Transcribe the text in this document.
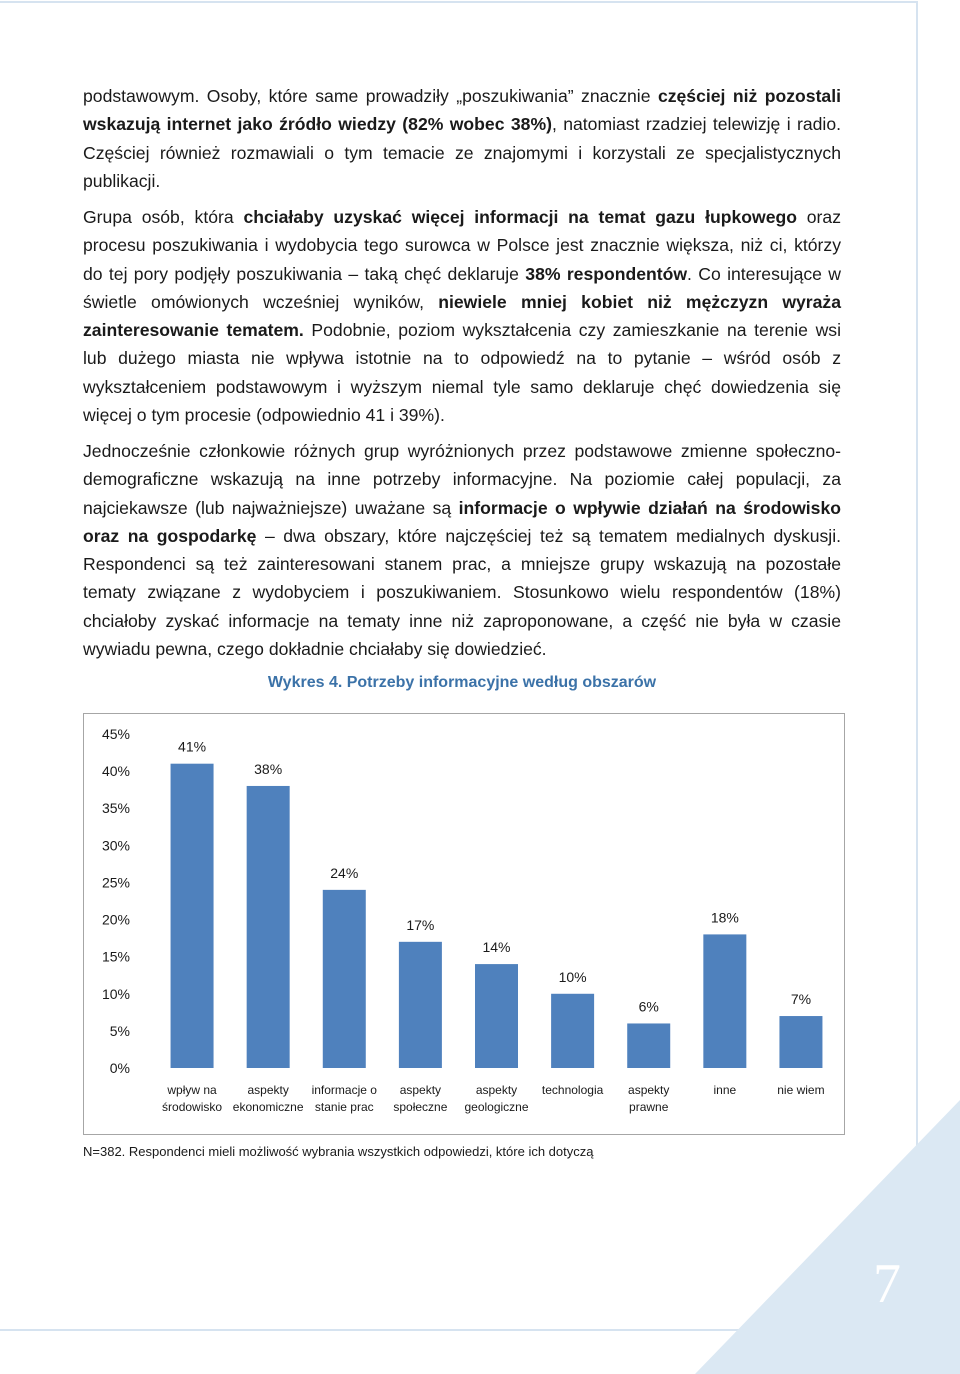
7

podstawowym. Osoby, które same prowadziły „poszukiwania” znacznie częściej niż pozostali wskazują internet jako źródło wiedzy (82% wobec 38%), natomiast rzadziej telewizję i radio. Częściej również rozmawiali o tym temacie ze znajomymi i korzystali ze specjalistycznych publikacji.

Grupa osób, która chciałaby uzyskać więcej informacji na temat gazu łupkowego oraz procesu poszukiwania i wydobycia tego surowca w Polsce jest znacznie większa, niż ci, którzy do tej pory podjęły poszukiwania – taką chęć deklaruje 38% respondentów. Co interesujące w świetle omówionych wcześniej wyników, niewiele mniej kobiet niż mężczyzn wyraża zainteresowanie tematem. Podobnie, poziom wykształcenia czy zamieszkanie na terenie wsi lub dużego miasta nie wpływa istotnie na to odpowiedź na to pytanie – wśród osób z wykształceniem podstawowym i wyższym niemal tyle samo deklaruje chęć dowiedzenia się więcej o tym procesie (odpowiednio 41 i 39%).

Jednocześnie członkowie różnych grup wyróżnionych przez podstawowe zmienne społeczno-demograficzne wskazują na inne potrzeby informacyjne. Na poziomie całej populacji, za najciekawsze (lub najważniejsze) uważane są informacje o wpływie działań na środowisko oraz na gospodarkę – dwa obszary, które najczęściej też są tematem medialnych dyskusji. Respondenci są też zainteresowani stanem prac, a mniejsze grupy wskazują na pozostałe tematy związane z wydobyciem i poszukiwaniem. Stosunkowo wielu respondentów (18%) chciałoby zyskać informacje na tematy inne niż zaproponowane, a część nie była w czasie wywiadu pewna, czego dokładnie chciałaby się dowiedzieć.

Wykres 4. Potrzeby informacyjne według obszarów
0%
5%
10%
15%
20%
25%
30%
35%
40%
45%
41%
wpływ na
środowisko
38%
aspekty
ekonomiczne
24%
informacje o
stanie prac
17%
aspekty
społeczne
14%
aspekty
geologiczne
10%
technologia
6%
aspekty
prawne
18%
inne
7%
nie wiem
N=382. Respondenci mieli możliwość wybrania wszystkich odpowiedzi, które ich dotyczą
